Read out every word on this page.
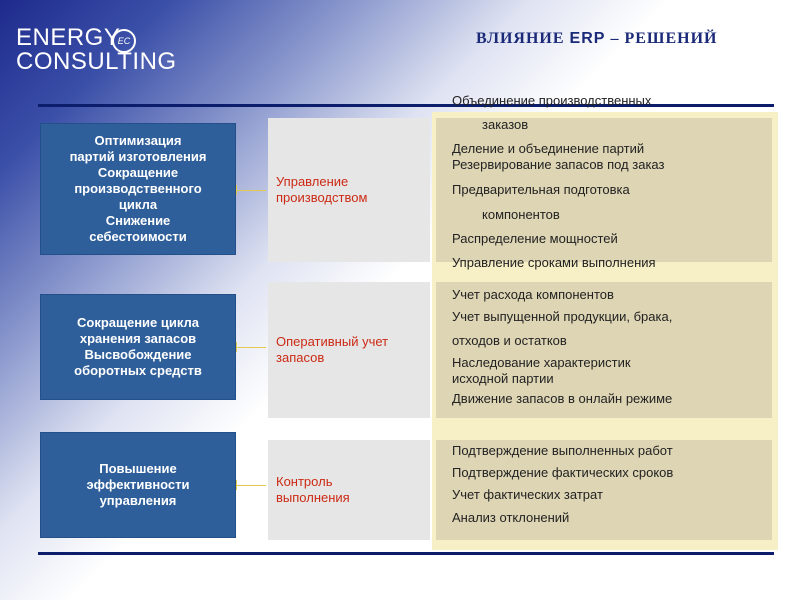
ENERGY
CONSULTING
EC	ВЛИЯНИЕ ERP – РЕШЕНИЙ
Оптимизация
партий изготовления
Сокращение
производственного
цикла
Снижение
себестоимости
Управление
производством
Объединение производственных
заказов
Деление и объединение партий
Резервирование запасов под заказ
Предварительная подготовка
компонентов
Распределение мощностей
Управление сроками выполнения
Сокращение цикла
хранения запасов
Высвобождение
оборотных средств
Оперативный учет
запасов
Учет расхода компонентов
Учет выпущенной продукции, брака,
отходов и остатков
Наследование характеристик
исходной партии
Движение запасов в онлайн режиме
Повышение
эффективности
управления
Контроль
выполнения
Подтверждение выполненных работ
Подтверждение фактических сроков
Учет фактических затрат
Анализ отклонений
